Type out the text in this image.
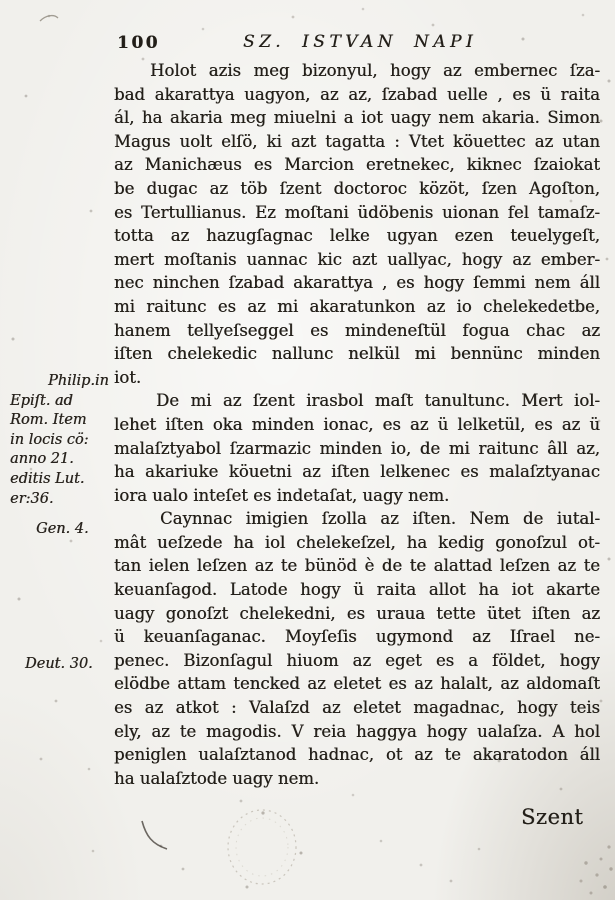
100	SZ. ISTVAN NAPI
Holot azis meg bizonyul, hogy az embernec ſza-
bad akarattya uagyon, az az, ſzabad uelle , es ü raita
ál, ha akaria meg miuelni a iot uagy nem akaria. Simon
Magus uolt elſö, ki azt tagatta : Vtet köuettec az utan
az Manichæus es Marcion eretnekec, kiknec ſzaiokat
be dugac az töb ſzent doctoroc közöt, ſzen Agoſton,
es Tertullianus. Ez moſtani üdöbenis uionan fel tamaſz-
totta az hazugſagnac lelke ugyan ezen teuelygeſt,
mert moſtanis uannac kic azt uallyac, hogy az ember-
nec ninchen ſzabad akarattya , es hogy ſemmi nem áll
mi raitunc es az mi akaratunkon az io chelekedetbe,
hanem tellyeſseggel es mindeneſtül fogua chac az
iſten chelekedic nallunc nelkül mi bennünc minden
iot.
De mi az ſzent irasbol maſt tanultunc. Mert iol-
lehet iſten oka minden ionac, es az ü lelketül, es az ü
malaſztyabol ſzarmazic minden io, de mi raitunc âll az,
ha akariuke köuetni az iſten lelkenec es malaſztyanac
iora ualo inteſet es indetaſat, uagy nem.
Caynnac imigien ſzolla az iſten. Nem de iutal-
mât ueſzede ha iol chelekeſzel, ha kedig gonoſzul ot-
tan ielen leſzen az te bünöd è de te alattad leſzen az te
keuanſagod. Latode hogy ü raita allot ha iot akarte
uagy gonoſzt chelekedni, es uraua tette ütet iſten az
ü keuanſaganac. Moyſeſis ugymond az Iſrael ne-
penec. Bizonſagul hiuom az eget es a földet, hogy
elödbe attam tencked az eletet es az halalt, az aldomaſt
es az atkot : Valaſzd az eletet magadnac, hogy teis
ely, az te magodis. V reia haggya hogy ualaſza. A hol
peniglen ualaſztanod hadnac, ot az te akaratodon áll
ha ualaſztode uagy nem.
Philip.in
Epiſt. ad
Rom. Item
in locis cö:
anno 21.
editis Lut.
er:36.
Gen. 4.
Deut. 30.
Szent
